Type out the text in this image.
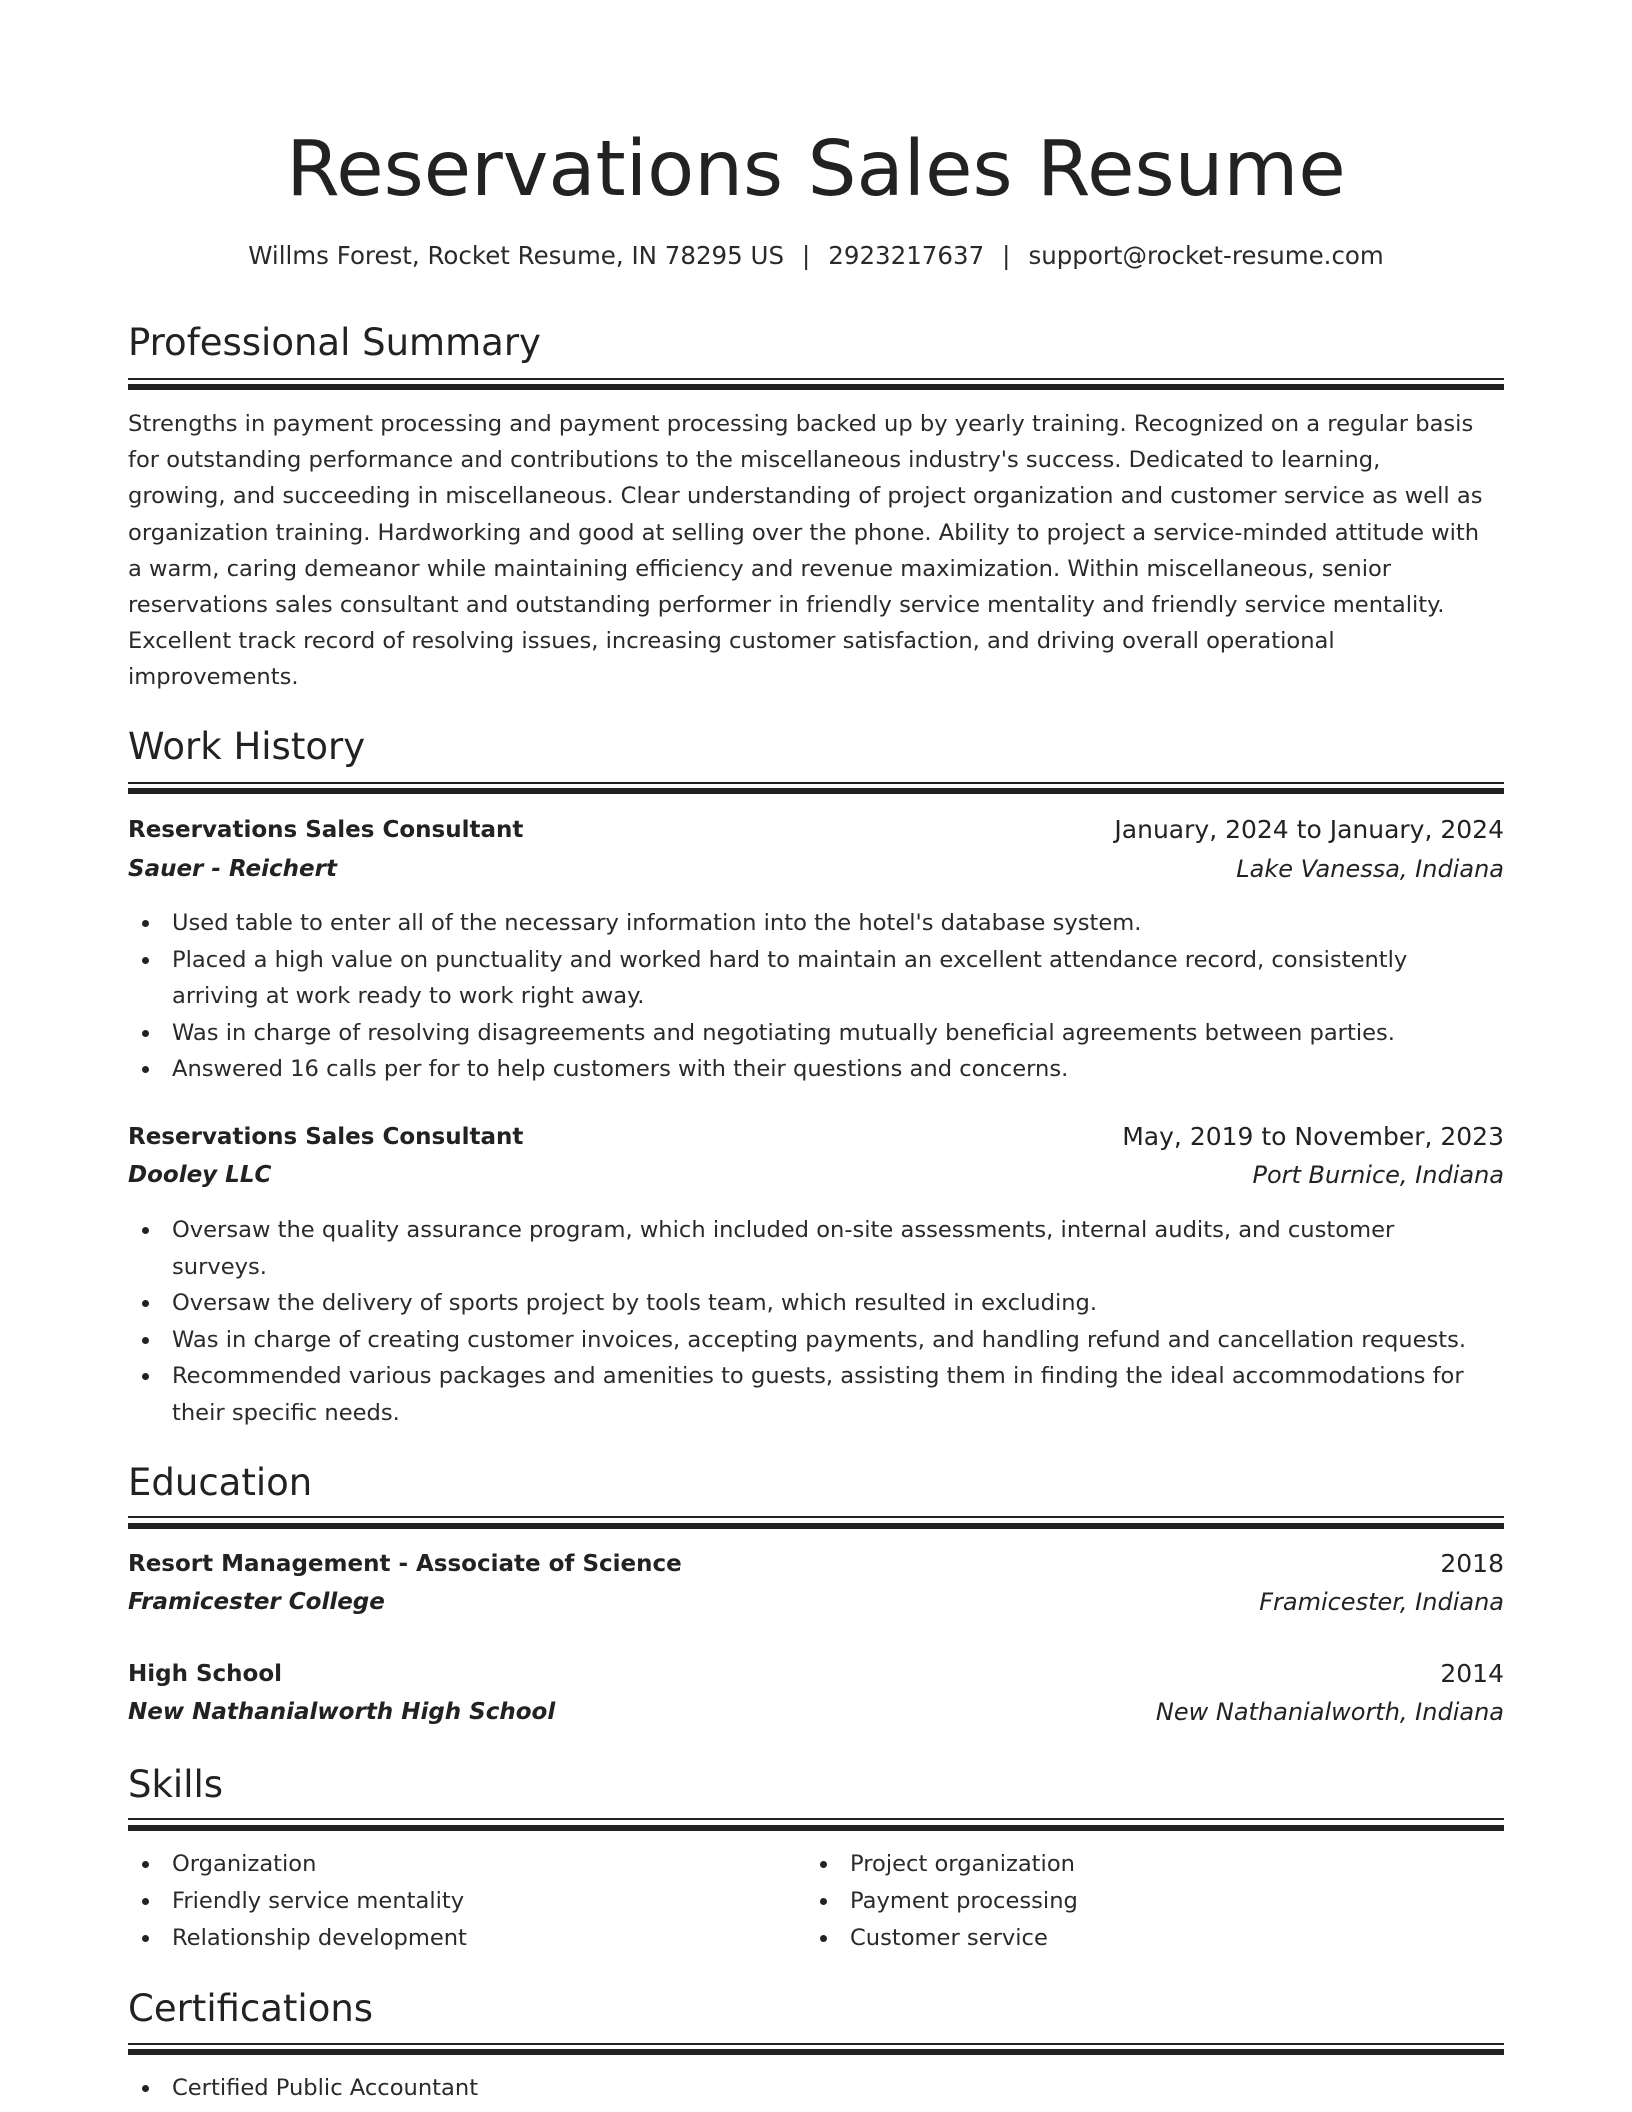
Reservations Sales Resume
Willms Forest, Rocket Resume, IN 78295 US | 2923217637 | support@rocket-resume.com
Professional Summary
Strengths in payment processing and payment processing backed up by yearly training. Recognized on a regular basis
for outstanding performance and contributions to the miscellaneous industry's success. Dedicated to learning,
growing, and succeeding in miscellaneous. Clear understanding of project organization and customer service as well as
organization training. Hardworking and good at selling over the phone. Ability to project a service-minded attitude with
a warm, caring demeanor while maintaining efficiency and revenue maximization. Within miscellaneous, senior
reservations sales consultant and outstanding performer in friendly service mentality and friendly service mentality.
Excellent track record of resolving issues, increasing customer satisfaction, and driving overall operational
improvements.
Work History
Reservations Sales Consultant	January, 2024 to January, 2024
Sauer - Reichert	Lake Vanessa, Indiana
Used table to enter all of the necessary information into the hotel's database system.
Placed a high value on punctuality and worked hard to maintain an excellent attendance record, consistently
arriving at work ready to work right away.
Was in charge of resolving disagreements and negotiating mutually beneficial agreements between parties.
Answered 16 calls per for to help customers with their questions and concerns.
Reservations Sales Consultant	May, 2019 to November, 2023
Dooley LLC	Port Burnice, Indiana
Oversaw the quality assurance program, which included on-site assessments, internal audits, and customer
surveys.
Oversaw the delivery of sports project by tools team, which resulted in excluding.
Was in charge of creating customer invoices, accepting payments, and handling refund and cancellation requests.
Recommended various packages and amenities to guests, assisting them in finding the ideal accommodations for
their specific needs.
Education
Resort Management - Associate of Science	2018
Framicester College	Framicester, Indiana
High School	2014
New Nathanialworth High School	New Nathanialworth, Indiana
Skills
Organization
Friendly service mentality
Relationship development
Project organization
Payment processing
Customer service
Certifications
Certified Public Accountant
